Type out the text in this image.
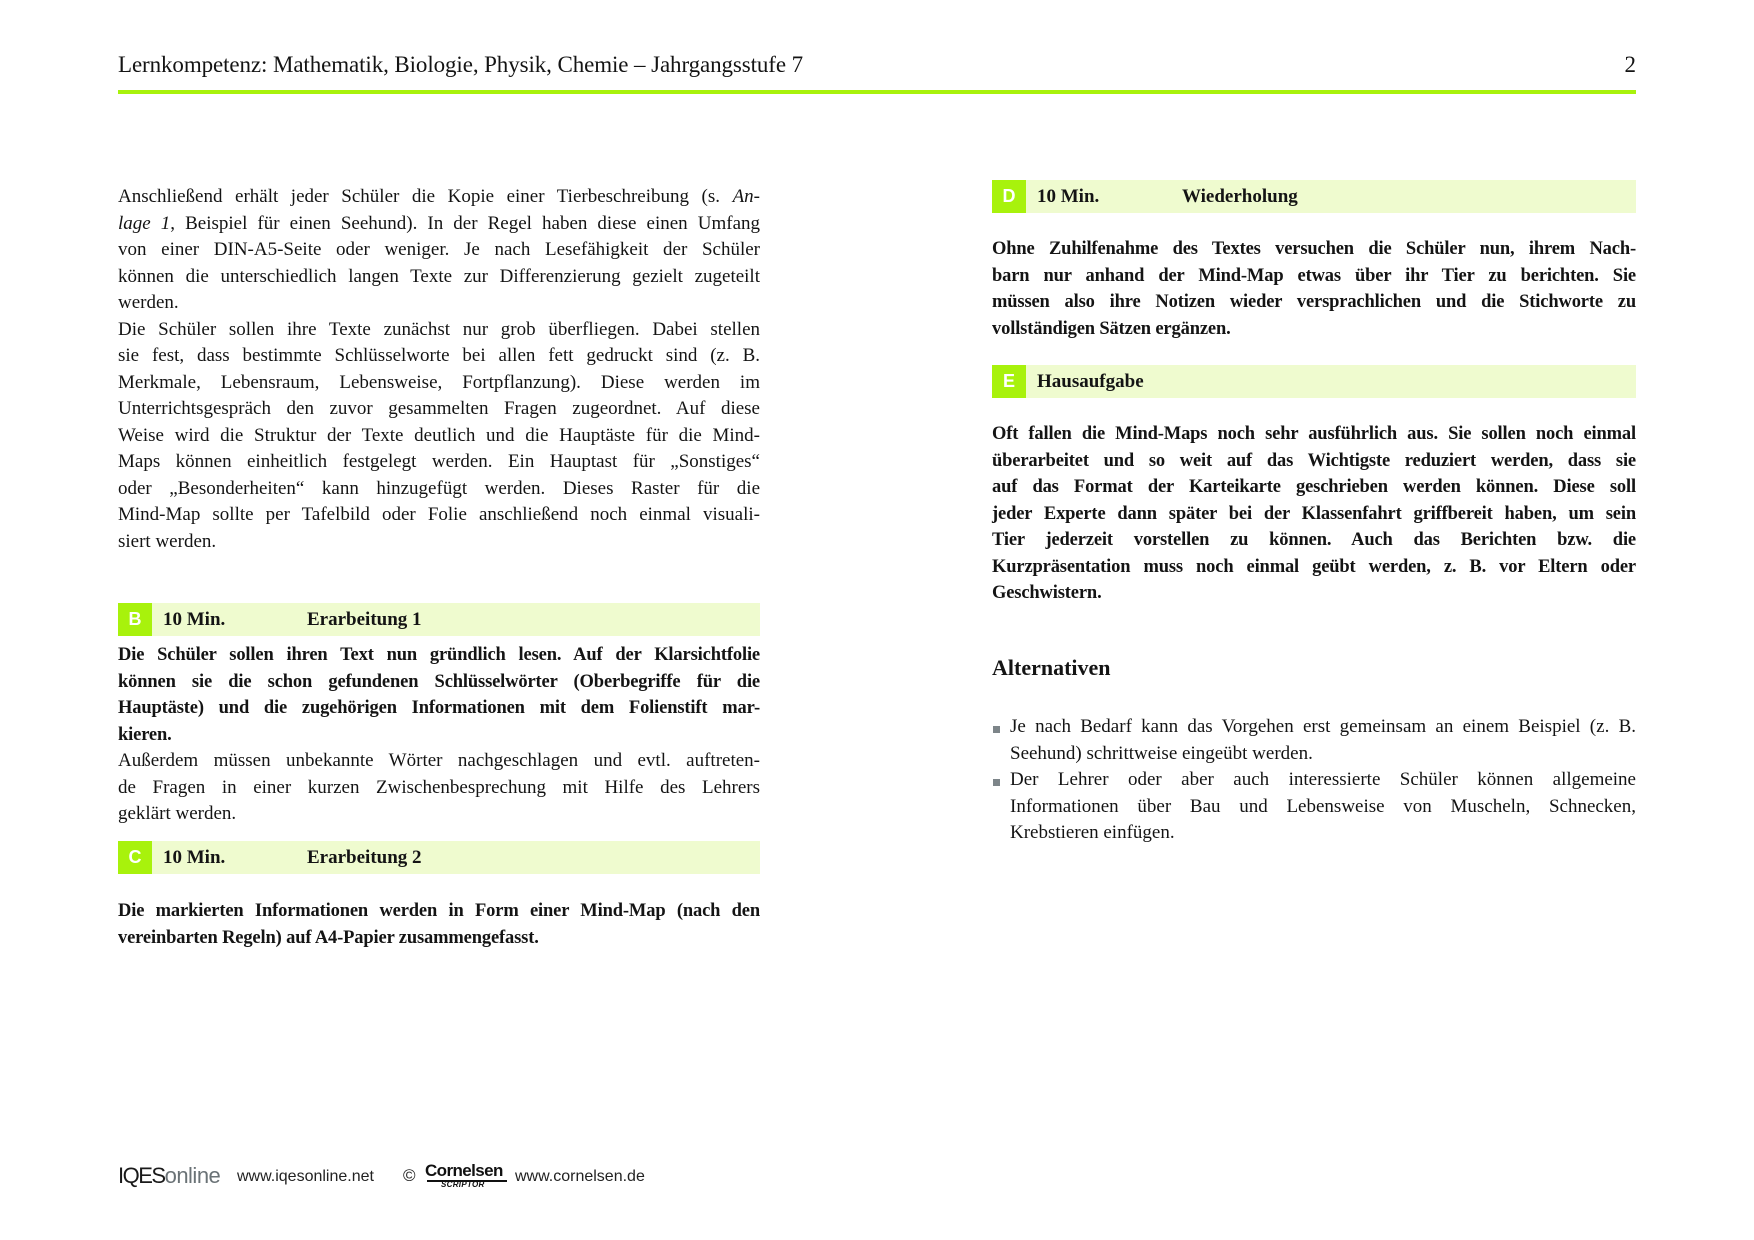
Lernkompetenz: Mathematik, Biologie, Physik, Chemie – Jahrgangsstufe 7	2
Anschließend erhält jeder Schüler die Kopie einer Tierbeschreibung (s. An-
lage 1, Beispiel für einen Seehund). In der Regel haben diese einen Umfang
von einer DIN-A5-Seite oder weniger. Je nach Lesefähigkeit der Schüler
können die unterschiedlich langen Texte zur Differenzierung gezielt zugeteilt
werden.
Die Schüler sollen ihre Texte zunächst nur grob überfliegen. Dabei stellen
sie fest, dass bestimmte Schlüsselworte bei allen fett gedruckt sind (z. B.
Merkmale, Lebensraum, Lebensweise, Fortpflanzung). Diese werden im
Unterrichtsgespräch den zuvor gesammelten Fragen zugeordnet. Auf diese
Weise wird die Struktur der Texte deutlich und die Hauptäste für die Mind-
Maps können einheitlich festgelegt werden. Ein Hauptast für „Sonstiges“
oder „Besonderheiten“ kann hinzugefügt werden. Dieses Raster für die
Mind-Map sollte per Tafelbild oder Folie anschließend noch einmal visuali-
siert werden.
B	10 Min.	Erarbeitung 1
Die Schüler sollen ihren Text nun gründlich lesen. Auf der Klarsichtfolie
können sie die schon gefundenen Schlüsselwörter (Oberbegriffe für die
Hauptäste) und die zugehörigen Informationen mit dem Folienstift mar-
kieren.
Außerdem müssen unbekannte Wörter nachgeschlagen und evtl. auftreten-
de Fragen in einer kurzen Zwischenbesprechung mit Hilfe des Lehrers
geklärt werden.
C	10 Min.	Erarbeitung 2
Die markierten Informationen werden in Form einer Mind-Map (nach den
vereinbarten Regeln) auf A4-Papier zusammengefasst.
D	10 Min.	Wiederholung
Ohne Zuhilfenahme des Textes versuchen die Schüler nun, ihrem Nach-
barn nur anhand der Mind-Map etwas über ihr Tier zu berichten. Sie
müssen also ihre Notizen wieder versprachlichen und die Stichworte zu
vollständigen Sätzen ergänzen.
E	Hausaufgabe
Oft fallen die Mind-Maps noch sehr ausführlich aus. Sie sollen noch einmal
überarbeitet und so weit auf das Wichtigste reduziert werden, dass sie
auf das Format der Karteikarte geschrieben werden können. Diese soll
jeder Experte dann später bei der Klassenfahrt griffbereit haben, um sein
Tier jederzeit vorstellen zu können. Auch das Berichten bzw. die
Kurzpräsentation muss noch einmal geübt werden, z. B. vor Eltern oder
Geschwistern.
Alternativen
Je nach Bedarf kann das Vorgehen erst gemeinsam an einem Beispiel (z. B.
Seehund) schrittweise eingeübt werden.
Der Lehrer oder aber auch interessierte Schüler können allgemeine
Informationen über Bau und Lebensweise von Muscheln, Schnecken,
Krebstieren einfügen.
IQESonline www.iqesonline.net © Cornelsen
SCRIPTOR www.cornelsen.de
